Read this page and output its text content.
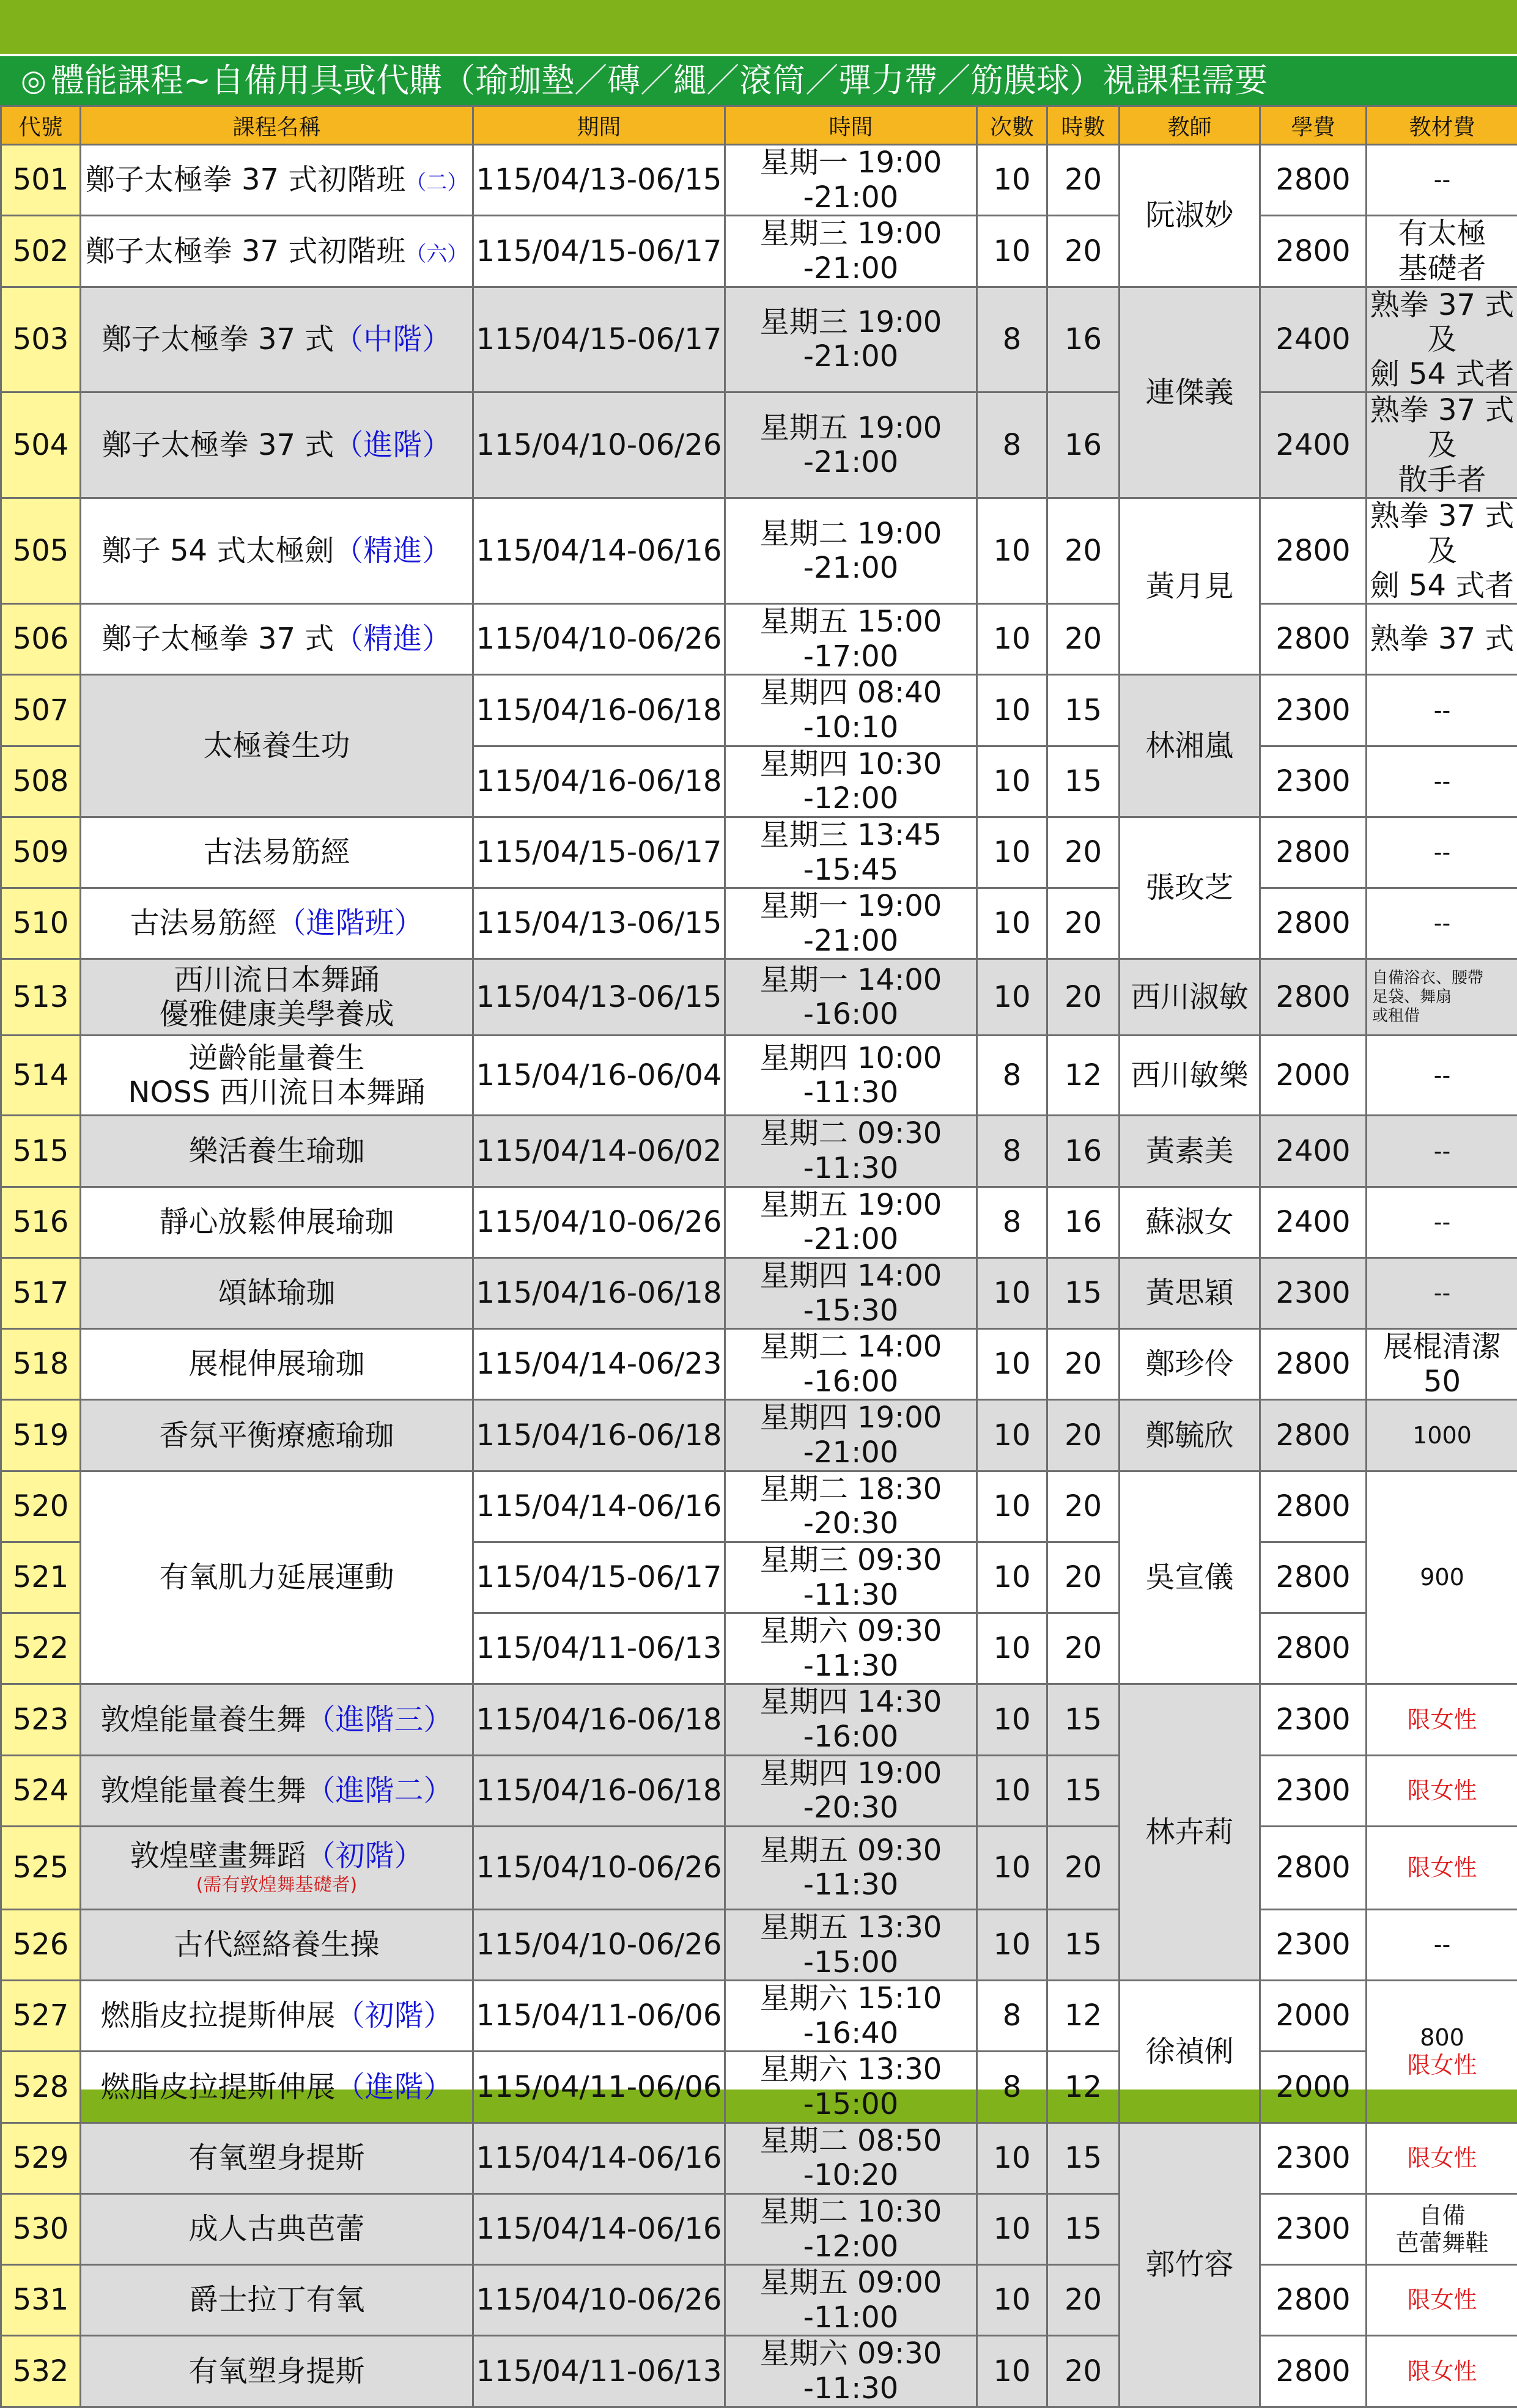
◎ 體能課程~自備用具或代購（瑜珈墊／磚／繩／滾筒／彈力帶／筋膜球）視課程需要
代號	課程名稱	期間	時間	次數	時數	教師	學費	教材費
501	鄭子太極拳 37 式初階班（二）	115/04/13-06/15	星期一 19:00 -21:00	10	20	阮淑妙	2800	--
502	鄭子太極拳 37 式初階班（六）	115/04/15-06/17	星期三 19:00 -21:00	10	20		2800	有太極
基礎者
503	鄭子太極拳 37 式（中階）	115/04/15-06/17	星期三 19:00 -21:00	8	16	連傑義	2400	熟拳 37 式及
劍 54 式者
504	鄭子太極拳 37 式（進階）	115/04/10-06/26	星期五 19:00 -21:00	8	16		2400	熟拳 37 式及
散手者
505	鄭子 54 式太極劍（精進）	115/04/14-06/16	星期二 19:00 -21:00	10	20	黃月見	2800	熟拳 37 式及
劍 54 式者
506	鄭子太極拳 37 式（精進）	115/04/10-06/26	星期五 15:00 -17:00	10	20		2800	熟拳 37 式
507	太極養生功	115/04/16-06/18	星期四 08:40 -10:10	10	15	林湘嵐	2300	--
508		115/04/16-06/18	星期四 10:30 -12:00	10	15		2300	--
509	古法易筋經	115/04/15-06/17	星期三 13:45 -15:45	10	20	張玫芝	2800	--
510	古法易筋經（進階班）	115/04/13-06/15	星期一 19:00 -21:00	10	20		2800	--
513	西川流日本舞踊
優雅健康美學養成	115/04/13-06/15	星期一 14:00 -16:00	10	20	西川淑敏	2800	自備浴衣、腰帶
足袋、舞扇
或租借
514	逆齡能量養生
NOSS 西川流日本舞踊	115/04/16-06/04	星期四 10:00 -11:30	8	12	西川敏樂	2000	--
515	樂活養生瑜珈	115/04/14-06/02	星期二 09:30 -11:30	8	16	黃素美	2400	--
516	靜心放鬆伸展瑜珈	115/04/10-06/26	星期五 19:00 -21:00	8	16	蘇淑女	2400	--
517	頌缽瑜珈	115/04/16-06/18	星期四 14:00 -15:30	10	15	黃思穎	2300	--
518	展棍伸展瑜珈	115/04/14-06/23	星期二 14:00 -16:00	10	20	鄭珍伶	2800	展棍清潔 50
519	香氛平衡療癒瑜珈	115/04/16-06/18	星期四 19:00 -21:00	10	20	鄭毓欣	2800	1000
520	有氧肌力延展運動	115/04/14-06/16	星期二 18:30 -20:30	10	20	吳宣儀	2800	900
521		115/04/15-06/17	星期三 09:30 -11:30	10	20		2800	
522		115/04/11-06/13	星期六 09:30 -11:30	10	20		2800	
523	敦煌能量養生舞（進階三）	115/04/16-06/18	星期四 14:30 -16:00	10	15	林卉莉	2300	限女性
524	敦煌能量養生舞（進階二）	115/04/16-06/18	星期四 19:00 -20:30	10	15		2300	限女性
525	敦煌壁畫舞蹈（初階）
(需有敦煌舞基礎者)	115/04/10-06/26	星期五 09:30 -11:30	10	20		2800	限女性
526	古代經絡養生操	115/04/10-06/26	星期五 13:30 -15:00	10	15		2300	--
527	燃脂皮拉提斯伸展（初階）	115/04/11-06/06	星期六 15:10 -16:40	8	12	徐禎俐	2000	800
限女性
528	燃脂皮拉提斯伸展（進階）	115/04/11-06/06	星期六 13:30 -15:00	8	12		2000	
529	有氧塑身提斯	115/04/14-06/16	星期二 08:50 -10:20	10	15	郭竹容	2300	限女性
530	成人古典芭蕾	115/04/14-06/16	星期二 10:30 -12:00	10	15		2300	自備
芭蕾舞鞋
531	爵士拉丁有氧	115/04/10-06/26	星期五 09:00 -11:00	10	20		2800	限女性
532	有氧塑身提斯	115/04/11-06/13	星期六 09:30 -11:30	10	20		2800	限女性
